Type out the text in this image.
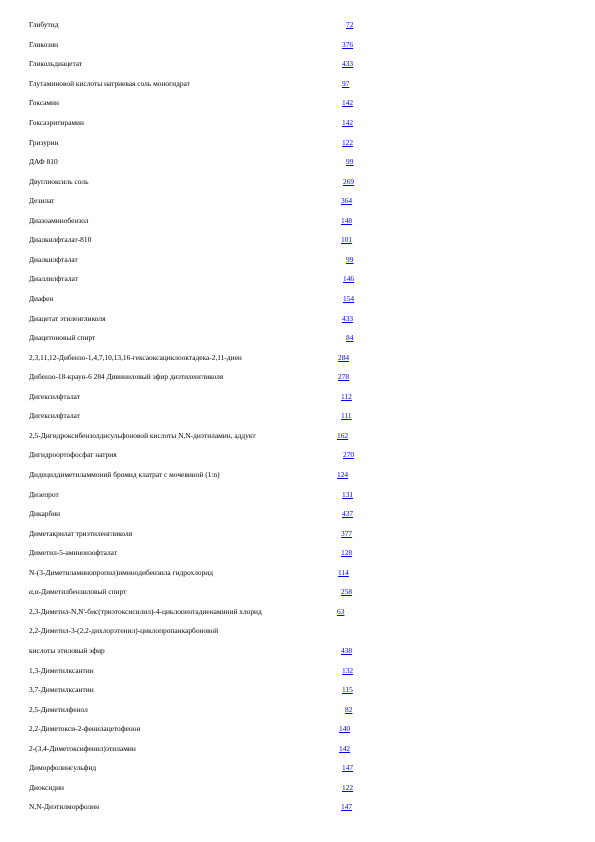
Глибутид	72
Гликозин	376
Гликольдиацетат	433
Глутаминовой кислоты натриевая соль моногидрат	97
Гоксамин	142
Гоксаэритирамин	142
Гризурин	122
ДАФ 810	99
Двуглиоксиль соль	269
Дезилат	364
Диазоаминобензол	148
Диалкилфталат-810	101
Диалкилфталат	99
Диаллилфталат	146
Диафен	154
Диацетат этиленгликоля	433
Диацетоновый спирт	84
2,3,11,12-Дибензо-1,4,7,10,13,16-гексаоксациклооктадека-2,11-диен	284
Дибензо-18-краун-6 284 Дивиниловый эфир диэтиленгликоля	278
Дигексилфталат	112
Дигексилфталат	111
2,5-Дигидроксибензолдисульфоновой кислоты N,N-диэтиламин, аддукт	162
Дигидроортофосфат натрия	270
Дидецилдиметиламмоний бромид клатрат с мочевиной (1:n)	124
Дизепрот	131
Дикарбин	437
Диметакрилат триэтиленгликоля	377
Диметил-5-аминоизофталат	128
N-(3-Диметиламинопропил)иминодибензила гидрохлорид	114
α,α-Диметилбензиловый спирт	258
2,3-Диметил-N,N'-бис(триэтоксисилил)-4-циклопентадиенаминий хлорид	63
2,2-Диметил-3-(2,2-дихлорэтенил)-циклопропанкарбоновой
кислоты этиловый эфир	438
1,3-Диметилксантин	132
3,7-Диметилксантин	115
2,5-Диметилфенол	82
2,2-Диметокси-2-фенилацетофенон	140
2-(3,4-Диметоксифенил)этиламин	142
Диморфолинсульфид	147
Диоксидин	122
N,N-Диэтилморфолин	147
